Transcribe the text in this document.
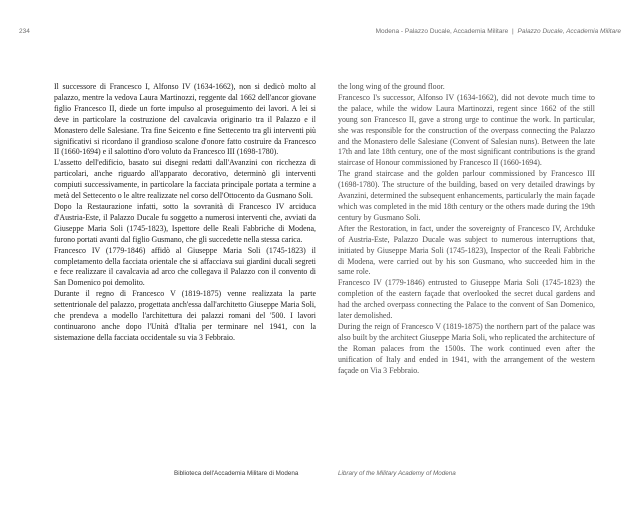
234	Modena - Palazzo Ducale, Accademia Militare | Palazzo Ducale, Accademia Militare

Il successore di Francesco I, Alfonso IV (1634-1662), non si dedicò molto al palazzo, mentre la vedova Laura Martinozzi, reggente dal 1662 dell'ancor giovane figlio Francesco II, diede un forte impulso al proseguimento dei lavori. A lei si deve in particolare la costruzione del cavalcavia originario tra il Palazzo e il Monastero delle Salesiane. Tra fine Seicento e fine Settecento tra gli interventi più significativi si ricordano il grandioso scalone d'onore fatto costruire da Francesco II (1660-1694) e il salottino d'oro voluto da Francesco III (1698-1780).

L'assetto dell'edificio, basato sui disegni redatti dall'Avanzini con ricchezza di particolari, anche riguardo all'apparato decorativo, determinò gli interventi compiuti successivamente, in particolare la facciata principale portata a termine a metà del Settecento o le altre realizzate nel corso dell'Ottocento da Gusmano Soli.

Dopo la Restaurazione infatti, sotto la sovranità di Francesco IV arciduca d'Austria-Este, il Palazzo Ducale fu soggetto a numerosi interventi che, avviati da Giuseppe Maria Soli (1745-1823), Ispettore delle Reali Fabbriche di Modena, furono portati avanti dal figlio Gusmano, che gli succedette nella stessa carica.

Francesco IV (1779-1846) affidò al Giuseppe Maria Soli (1745-1823) il completamento della facciata orientale che si affacciava sui giardini ducali segreti e fece realizzare il cavalcavia ad arco che collegava il Palazzo con il convento di San Domenico poi demolito.

Durante il regno di Francesco V (1819-1875) venne realizzata la parte settentrionale del palazzo, progettata anch'essa dall'architetto Giuseppe Maria Soli, che prendeva a modello l'architettura dei palazzi romani del '500. I lavori continuarono anche dopo l'Unità d'Italia per terminare nel 1941, con la sistemazione della facciata occidentale su via 3 Febbraio.

the long wing of the ground floor.

Francesco I's successor, Alfonso IV (1634-1662), did not devote much time to the palace, while the widow Laura Martinozzi, regent since 1662 of the still young son Francesco II, gave a strong urge to continue the work. In particular, she was responsible for the construction of the overpass connecting the Palazzo and the Monastero delle Salesiane (Convent of Salesian nuns). Between the late 17th and late 18th century, one of the most significant contributions is the grand staircase of Honour commissioned by Francesco II (1660-1694).

The grand staircase and the golden parlour commissioned by Francesco III (1698-1780). The structure of the building, based on very detailed drawings by Avanzini, determined the subsequent enhancements, particularly the main façade which was completed in the mid 18th century or the others made during the 19th century by Gusmano Soli.

After the Restoration, in fact, under the sovereignty of Francesco IV, Archduke of Austria-Este, Palazzo Ducale was subject to numerous interruptions that, initiated by Giuseppe Maria Soli (1745-1823), Inspector of the Reali Fabbriche di Modena, were carried out by his son Gusmano, who succeeded him in the same role.

Francesco IV (1779-1846) entrusted to Giuseppe Maria Soli (1745-1823) the completion of the eastern façade that overlooked the secret ducal gardens and had the arched overpass connecting the Palace to the convent of San Domenico, later demolished.

During the reign of Francesco V (1819-1875) the northern part of the palace was also built by the architect Giuseppe Maria Soli, who replicated the architecture of the Roman palaces from the 1500s. The work continued even after the unification of Italy and ended in 1941, with the arrangement of the western façade on Via 3 Febbraio.

Biblioteca dell'Accademia Militare di Modena	Library of the Military Academy of Modena
